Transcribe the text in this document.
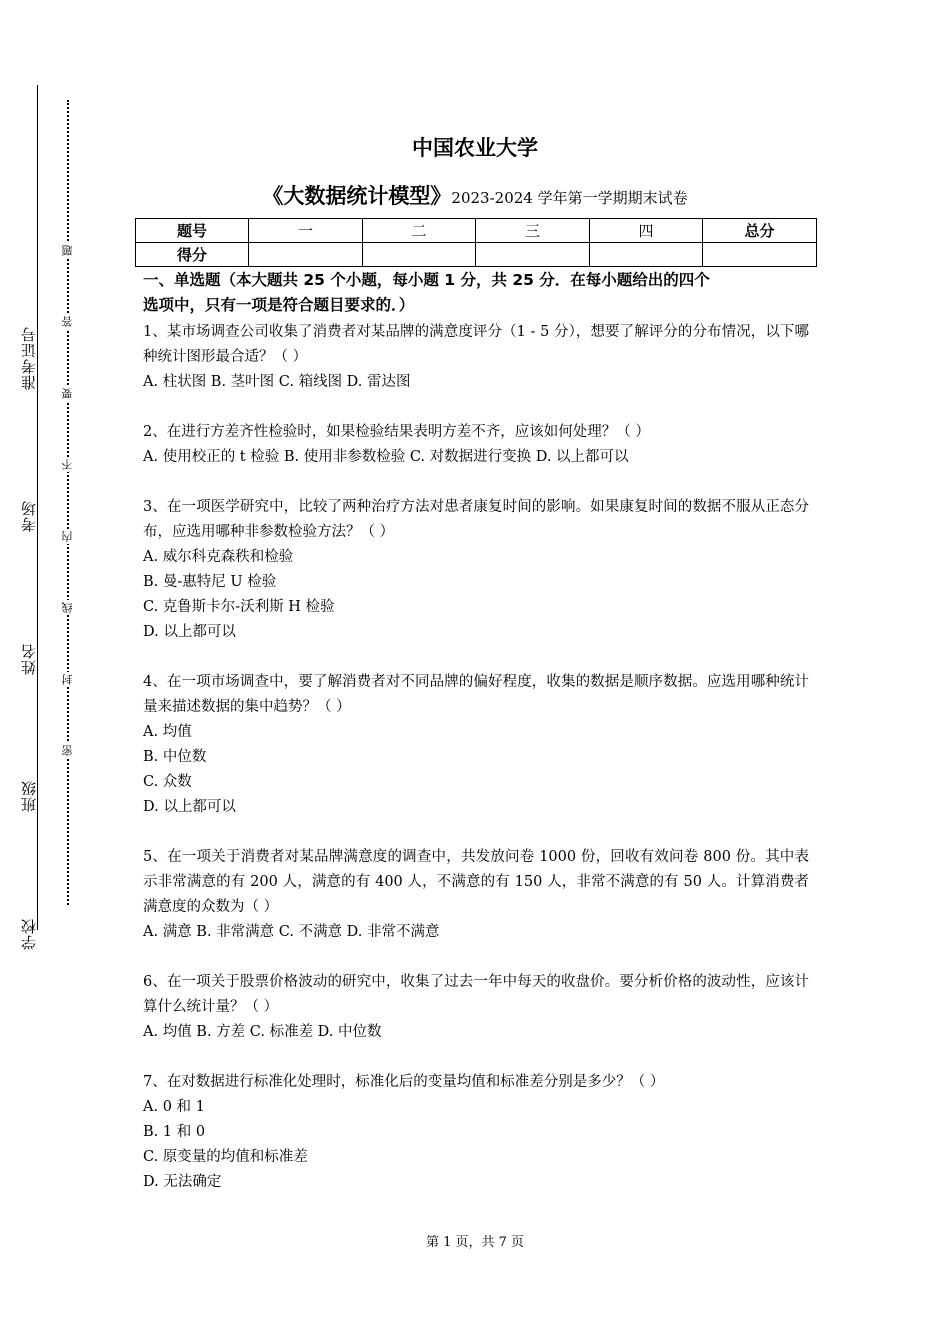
准考证号________
考场________
姓名________
班级________
学校________
题
答
要
不
内
线
封
密
中国农业大学
《大数据统计模型》2023-2024 学年第一学期期末试卷
题号	一	二	三	四	总分
得分					
一、单选题（本大题共 25 个小题，每小题 1 分，共 25 分．在每小题给出的四个
选项中，只有一项是符合题目要求的．）

1、某市场调查公司收集了消费者对某品牌的满意度评分（1 - 5 分），想要了解评分的分布情况，以下哪种统计图形最合适？（ ）

A. 柱状图 B. 茎叶图 C. 箱线图 D. 雷达图

2、在进行方差齐性检验时，如果检验结果表明方差不齐，应该如何处理？（ ）

A. 使用校正的 t 检验 B. 使用非参数检验 C. 对数据进行变换 D. 以上都可以

3、在一项医学研究中，比较了两种治疗方法对患者康复时间的影响。如果康复时间的数据不服从正态分布，应选用哪种非参数检验方法？（ ）

A. 威尔科克森秩和检验

B. 曼-惠特尼 U 检验

C. 克鲁斯卡尔-沃利斯 H 检验

D. 以上都可以

4、在一项市场调查中，要了解消费者对不同品牌的偏好程度，收集的数据是顺序数据。应选用哪种统计量来描述数据的集中趋势？（ ）

A. 均值

B. 中位数

C. 众数

D. 以上都可以

5、在一项关于消费者对某品牌满意度的调查中，共发放问卷 1000 份，回收有效问卷 800 份。其中表示非常满意的有 200 人，满意的有 400 人，不满意的有 150 人，非常不满意的有 50 人。计算消费者满意度的众数为（ ）

A. 满意 B. 非常满意 C. 不满意 D. 非常不满意

6、在一项关于股票价格波动的研究中，收集了过去一年中每天的收盘价。要分析价格的波动性，应该计算什么统计量？（ ）

A. 均值 B. 方差 C. 标准差 D. 中位数

7、在对数据进行标准化处理时，标准化后的变量均值和标准差分别是多少？（ ）

A. 0 和 1

B. 1 和 0

C. 原变量的均值和标准差

D. 无法确定

第 1 页，共 7 页
